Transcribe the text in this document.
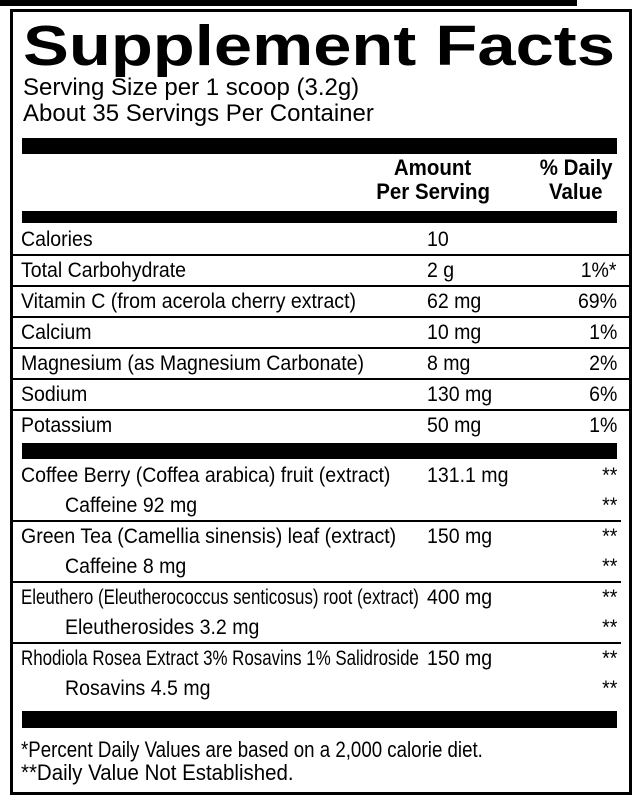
Supplement Facts
Serving Size per 1 scoop (3.2g)
About 35 Servings Per Container
Amount
Per Serving
% Daily
Value
Calories	10
Total Carbohydrate	2 g	1%*
Vitamin C (from acerola cherry extract)	62 mg	69%
Calcium	10 mg	1%
Magnesium (as Magnesium Carbonate)	8 mg	2%
Sodium	130 mg	6%
Potassium	50 mg	1%
Coffee Berry (Coffea arabica) fruit (extract) 131.1 mg	**
Caffeine 92 mg	**
Green Tea (Camellia sinensis) leaf (extract) 150 mg	**
Caffeine 8 mg	**
Eleuthero (Eleutherococcus senticosus) root (extract) 400 mg	**
Eleutherosides 3.2 mg	**
Rhodiola Rosea Extract 3% Rosavins 1% Salidroside 150 mg	**
Rosavins 4.5 mg	**
*Percent Daily Values are based on a 2,000 calorie diet.
**Daily Value Not Established.
